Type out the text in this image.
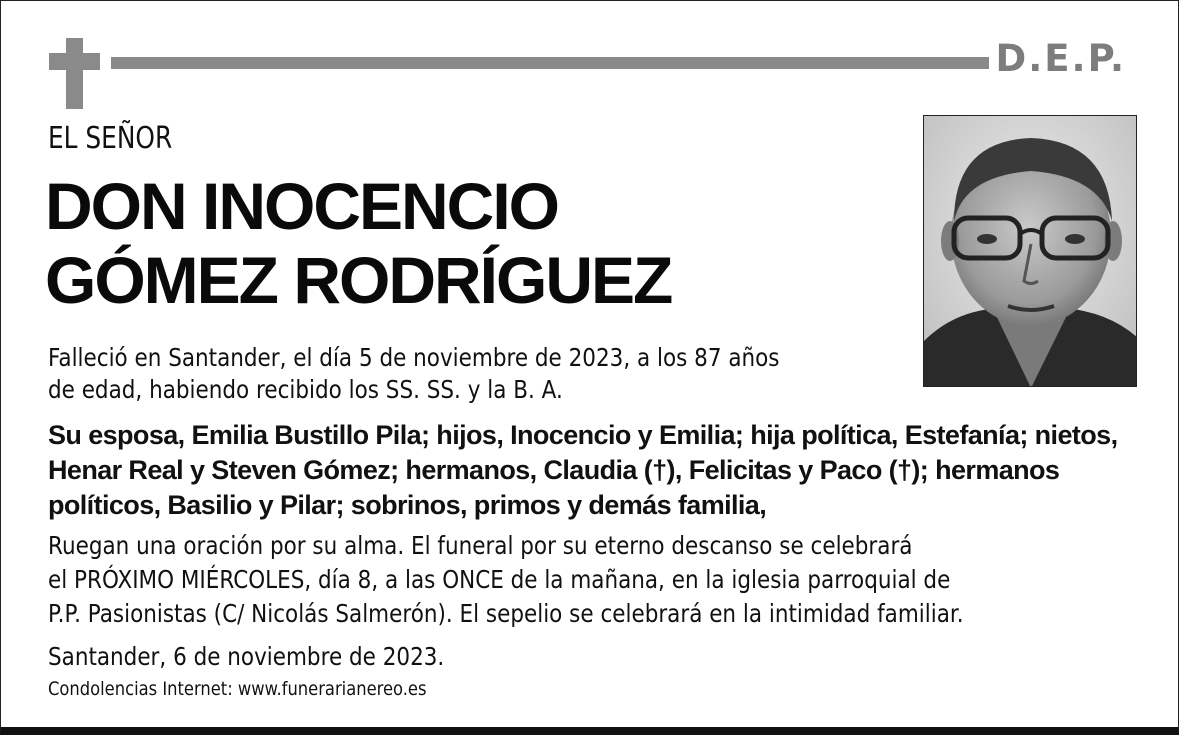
D.E.P.
EL SEÑOR
DON INOCENCIO
GÓMEZ RODRÍGUEZ

Falleció en Santander, el día 5 de noviembre de 2023, a los 87 años
de edad, habiendo recibido los SS. SS. y la B. A.

Su esposa, Emilia Bustillo Pila; hijos, Inocencio y Emilia; hija política, Estefanía; nietos,
Henar Real y Steven Gómez; hermanos, Claudia (†), Felicitas y Paco (†); hermanos
políticos, Basilio y Pilar; sobrinos, primos y demás familia,

Ruegan una oración por su alma. El funeral por su eterno descanso se celebrará
el PRÓXIMO MIÉRCOLES, día 8, a las ONCE de la mañana, en la iglesia parroquial de
P.P. Pasionistas (C/ Nicolás Salmerón). El sepelio se celebrará en la intimidad familiar.

Santander, 6 de noviembre de 2023.

Condolencias Internet: www.funerarianereo.es
